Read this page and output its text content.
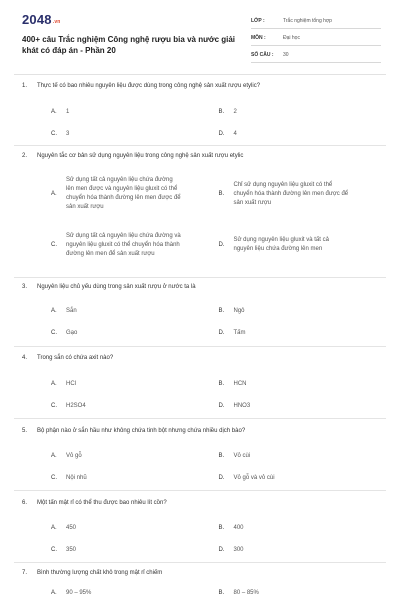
2048.vn
400+ câu Trắc nghiệm Công nghệ rượu bia và nước giải khát có đáp án - Phần 20
LỚP :	Trắc nghiệm tổng hợp
MÔN :	Đại học
SỐ CÂU :	30
1.	Thực tế có bao nhiêu nguyên liệu được dùng trong công nghệ sản xuất rượu etylic?
A.	1	B.	2
C.	3	D.	4
2.	Nguyên tắc cơ bản sử dụng nguyên liệu trong công nghệ sản xuất rượu etylic
A.
Sử dụng tất cả nguyên liệu chứa đường lên men được và nguyên liệu gluxit có thể chuyển hóa thành đường lên men được để sản xuất rượu
B.
Chỉ sử dụng nguyên liệu gluxit có thể chuyển hóa thành đường lên men được để sản xuất rượu
C.
Sử dụng tất cả nguyên liệu chứa đường và nguyên liệu gluxit có thể chuyển hóa thành đường lên men để sản xuất rượu
D.
Sử dụng nguyên liệu gluxit và tất cả nguyên liệu chứa đường lên men
3.	Nguyên liệu chủ yếu dùng trong sản xuất rượu ở nước ta là
A.	Sắn	B.	Ngô
C.	Gạo	D.	Tấm
4.	Trong sắn có chứa axit nào?
A.	HCl	B.	HCN
C.	H2SO4	D.	HNO3
5.	Bộ phận nào ở sắn hầu như không chứa tinh bột nhưng chứa nhiều dịch bào?
A.	Vỏ gỗ	B.	Vỏ cùi
C.	Nội nhũ	D.	Vỏ gỗ và vỏ cùi
6.	Một tấn mật rỉ có thể thu được bao nhiêu lít cồn?
A.	450	B.	400
C.	350	D.	300
7.	Bình thường lượng chất khô trong mật rỉ chiếm
A.	90 – 95%	B.	80 – 85%
